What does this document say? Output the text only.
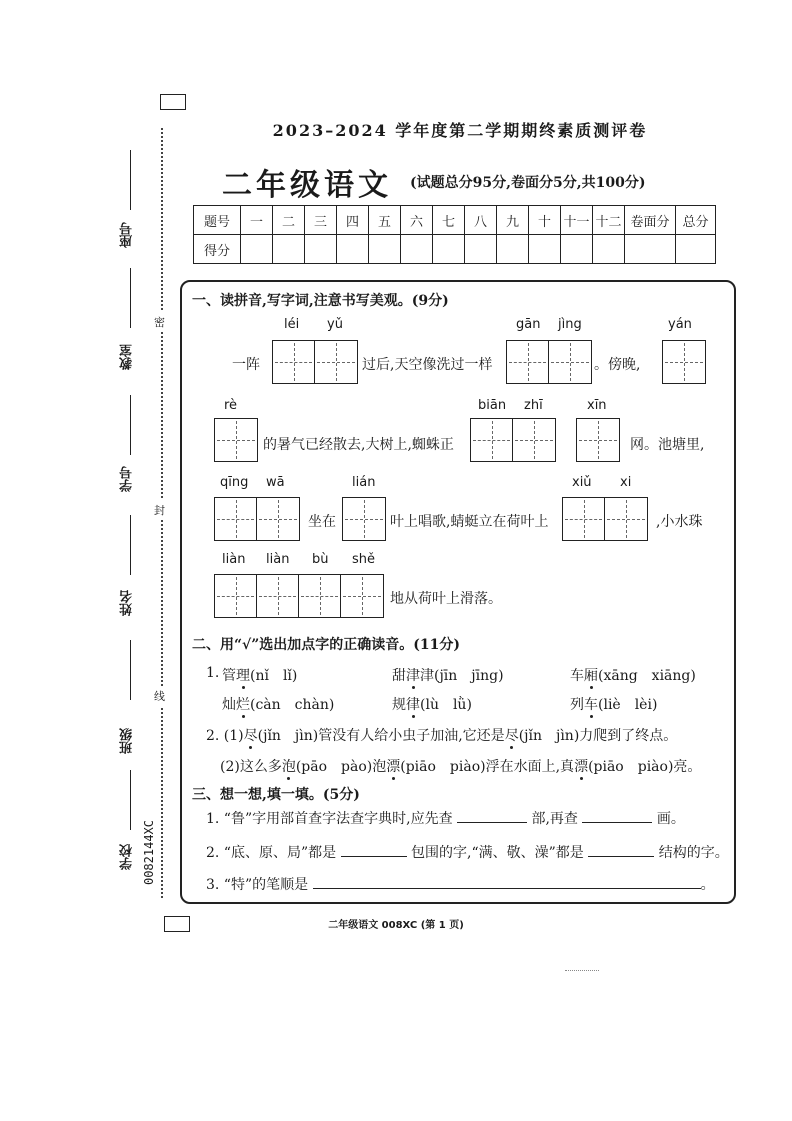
座号
教室
学号
姓名
班级
学校 0082144XC
密
封
线
2023–2024 学年度第二学期期终素质测评卷
二年级语文 (试题总分95分,卷面分5分,共100分)
题号	一	二	三	四	五	六	七	八	九	十	十一	十二	卷面分	总分
得分														
一、读拼音,写字词,注意书写美观。(9分)
léi yǔ
一阵	过后,天空像洗过一样
gān jìng
。傍晚,
yán
rè
的暑气已经散去,大树上,蜘蛛正
biān zhī	xīn
网。池塘里,
qīng wā
坐在
lián
叶上唱歌,蜻蜓立在荷叶上
xiǔ xi
,小水珠
liàn liàn bù shě
地从荷叶上滑落。
二、用“√”选出加点字的正确读音。(11分)
1. 管理(nǐ　lǐ)	甜津津(jīn　jīng)	车厢(xāng　xiāng)
灿烂(càn　chàn)	规律(lù　lǜ)	列车(liè　lèi)
2. (1)尽(jǐn　jìn)管没有人给小虫子加油,它还是尽(jǐn　jìn)力爬到了终点。
(2)这么多泡(pāo　pào)泡漂(piāo　piào)浮在水面上,真漂(piāo　piào)亮。
三、想一想,填一填。(5分)
1. “鲁”字用部首查字法查字典时,应先查	部,再查	画。
2. “底、原、局”都是	包围的字,“满、敬、澡”都是	结构的字。
3. “特”的笔顺是	。
二年级语文 008XC (第 1 页)
